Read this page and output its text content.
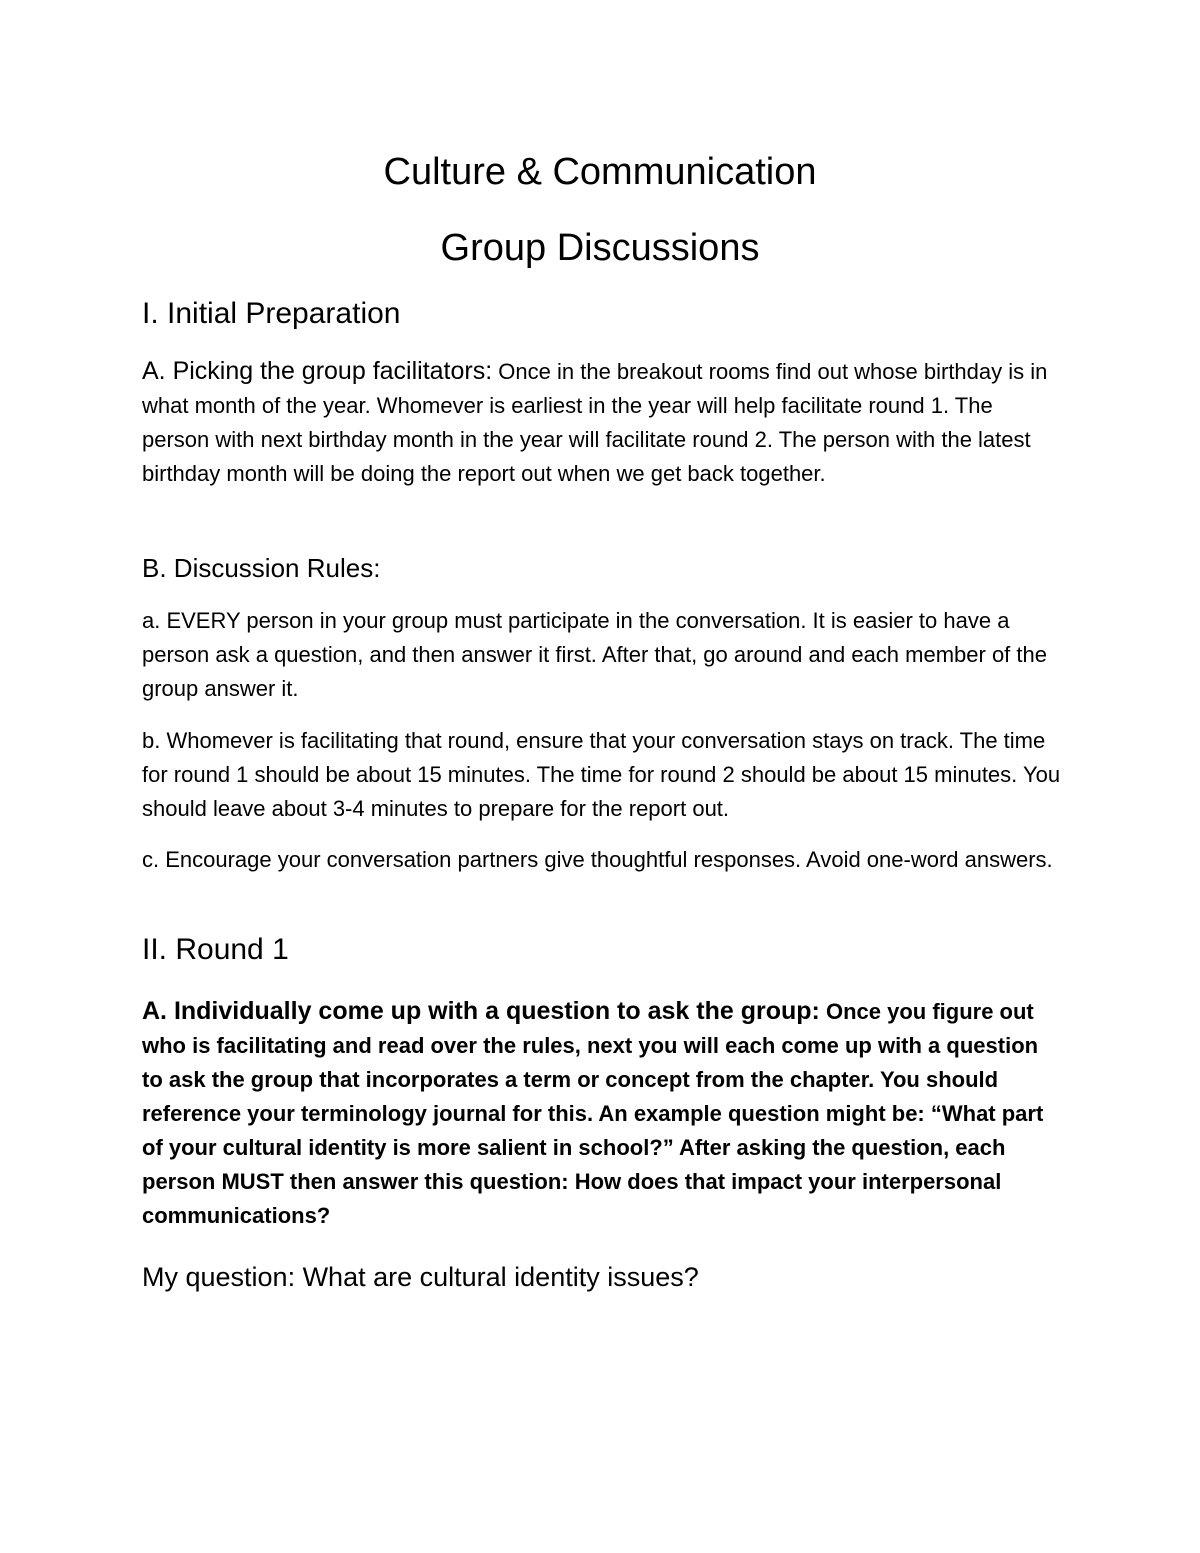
Culture & Communication
Group Discussions
I. Initial Preparation

A. Picking the group facilitators: Once in the breakout rooms find out whose birthday is in what month of the year. Whomever is earliest in the year will help facilitate round 1. The person with next birthday month in the year will facilitate round 2. The person with the latest birthday month will be doing the report out when we get back together.

B. Discussion Rules:

a. EVERY person in your group must participate in the conversation. It is easier to have a person ask a question, and then answer it first. After that, go around and each member of the group answer it.

b. Whomever is facilitating that round, ensure that your conversation stays on track. The time for round 1 should be about 15 minutes. The time for round 2 should be about 15 minutes. You should leave about 3-4 minutes to prepare for the report out.

c. Encourage your conversation partners give thoughtful responses. Avoid one-word answers.

II. Round 1

A. Individually come up with a question to ask the group: Once you figure out who is facilitating and read over the rules, next you will each come up with a question to ask the group that incorporates a term or concept from the chapter. You should reference your terminology journal for this. An example question might be: “What part of your cultural identity is more salient in school?” After asking the question, each person MUST then answer this question: How does that impact your interpersonal communications?

My question: What are cultural identity issues?
